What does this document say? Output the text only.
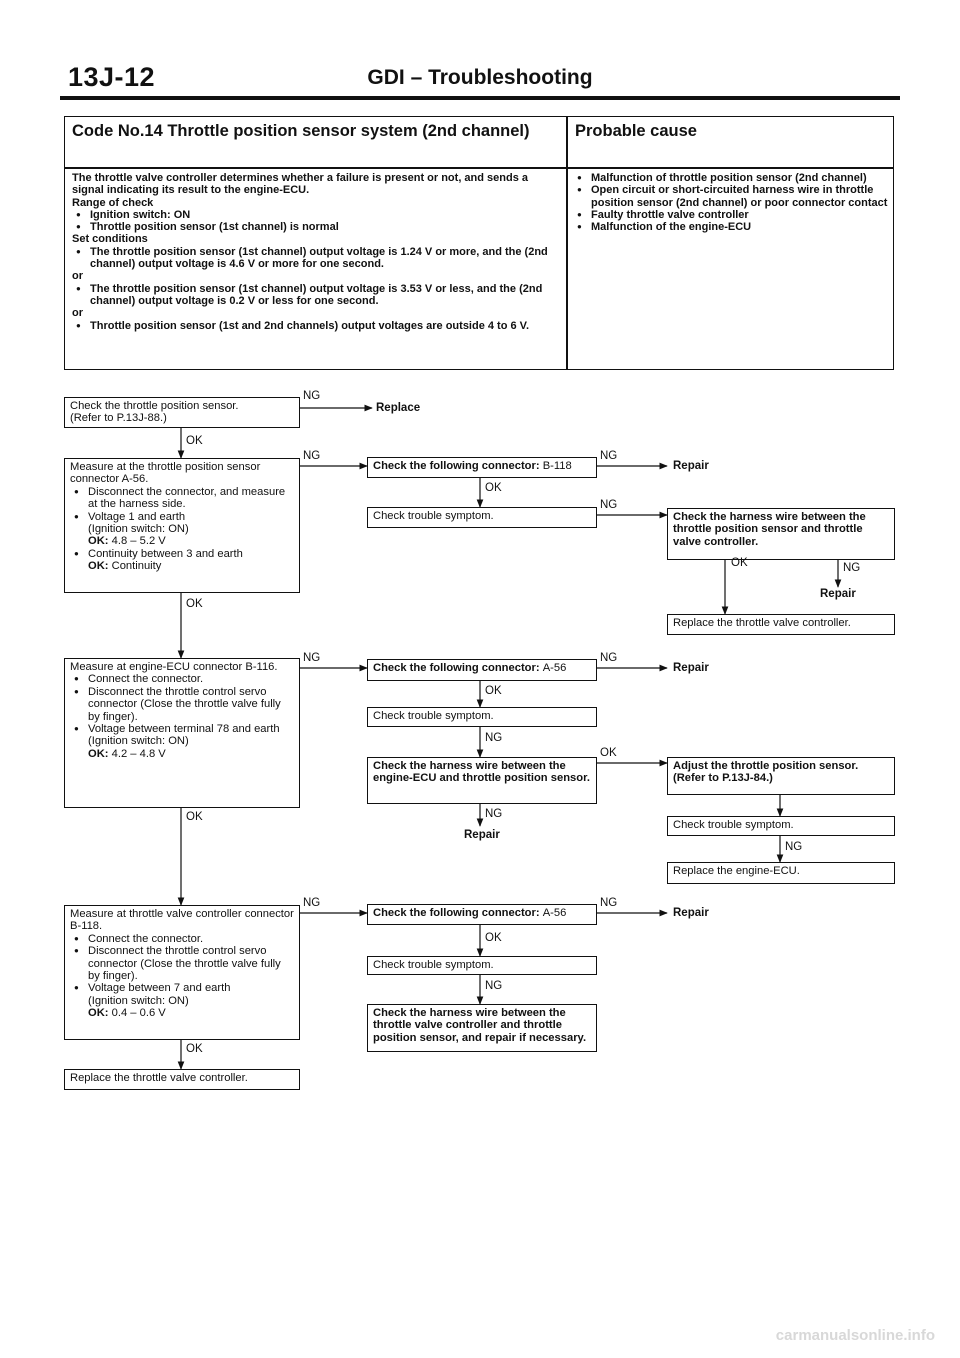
13J-12	GDI – Troubleshooting
Code No.14 Throttle position sensor system (2nd channel)	Probable cause
The throttle valve controller determines whether a failure is present or not, and sends a signal indicating its result to the engine-ECU.
Range of check
● Ignition switch: ON
● Throttle position sensor (1st channel) is normal
Set conditions
● The throttle position sensor (1st channel) output voltage is 1.24 V or more, and the (2nd channel) output voltage is 4.6 V or more for one second.
or
● The throttle position sensor (1st channel) output voltage is 3.53 V or less, and the (2nd channel) output voltage is 0.2 V or less for one second.
or
● Throttle position sensor (1st and 2nd channels) output voltages are outside 4 to 6 V.
● Malfunction of throttle position sensor (2nd channel)
● Open circuit or short-circuited harness wire in throttle position sensor (2nd channel) or poor connector contact
● Faulty throttle valve controller
● Malfunction of the engine-ECU
Check the throttle position sensor.
(Refer to P.13J-88.)
NG
Replace
OK
Measure at the throttle position sensor connector A-56.
● Disconnect the connector, and measure at the harness side.
● Voltage 1 and earth
(Ignition switch: ON)
OK: 4.8 – 5.2 V
● Continuity between 3 and earth
OK: Continuity
NG
Check the following connector: B-118
NG
Repair
OK
Check trouble symptom.
NG
Check the harness wire between the throttle position sensor and throttle valve controller.
OK	NG
Repair
Replace the throttle valve controller.
OK
Measure at engine-ECU connector B-116.
● Connect the connector.
● Disconnect the throttle control servo connector (Close the throttle valve fully by finger).
● Voltage between terminal 78 and earth
(Ignition switch: ON)
OK: 4.2 – 4.8 V
NG
Check the following connector: A-56
NG
Repair
OK
Check trouble symptom.
NG
Check the harness wire between the engine-ECU and throttle position sensor.
OK
Adjust the throttle position sensor. (Refer to P.13J-84.)
NG
Repair
Check trouble symptom.
NG
Replace the engine-ECU.
OK
Measure at throttle valve controller connector B-118.
● Connect the connector.
● Disconnect the throttle control servo connector (Close the throttle valve fully by finger).
● Voltage between 7 and earth
(Ignition switch: ON)
OK: 0.4 – 0.6 V
NG
Check the following connector: A-56
NG
Repair
OK
Check trouble symptom.
NG
Check the harness wire between the throttle valve controller and throttle position sensor, and repair if necessary.
OK
Replace the throttle valve controller.
carmanualsonline.info
